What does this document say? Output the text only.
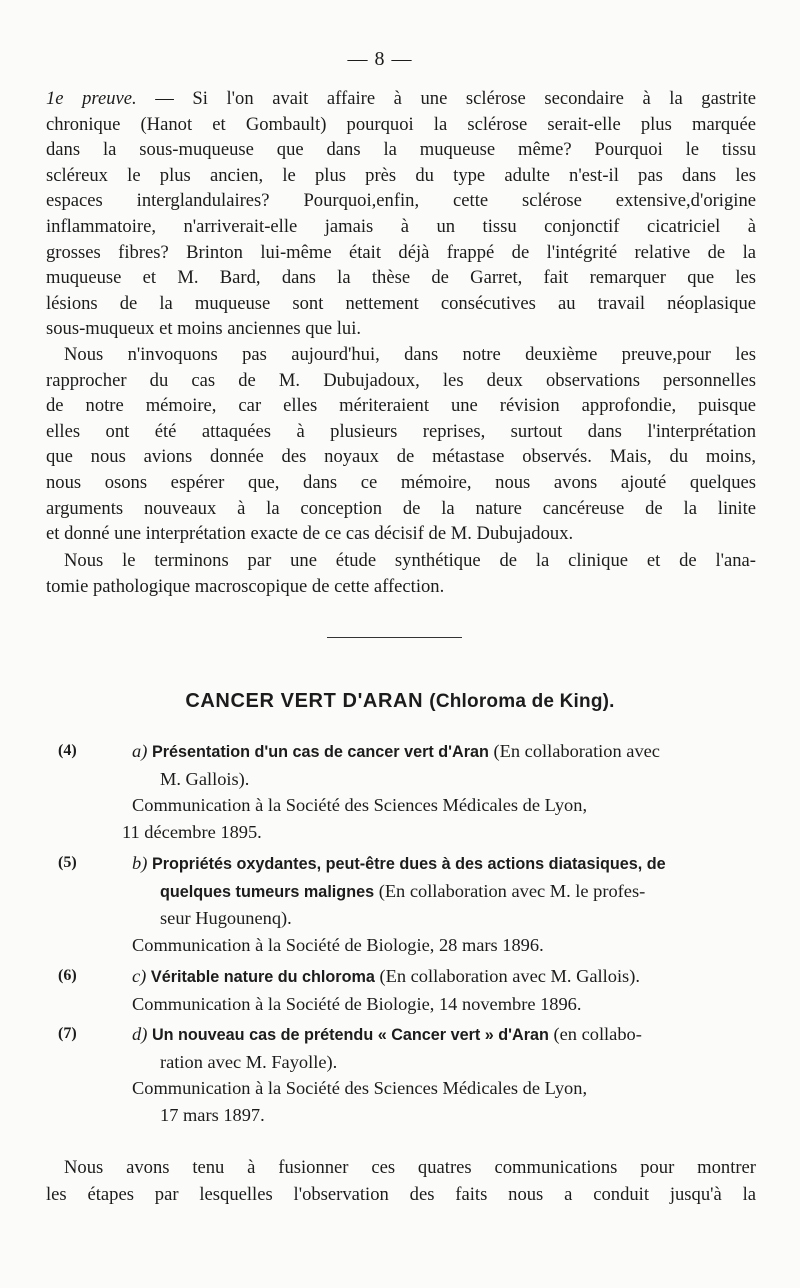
— 8 —
1e preuve. — Si l'on avait affaire à une sclérose secondaire à la gastrite
chronique (Hanot et Gombault) pourquoi la sclérose serait-elle plus marquée
dans la sous-muqueuse que dans la muqueuse même? Pourquoi le tissu
scléreux le plus ancien, le plus près du type adulte n'est-il pas dans les
espaces interglandulaires? Pourquoi,enfin, cette sclérose extensive,d'origine
inflammatoire, n'arriverait-elle jamais à un tissu conjonctif cicatriciel à
grosses fibres? Brinton lui-même était déjà frappé de l'intégrité relative de la
muqueuse et M. Bard, dans la thèse de Garret, fait remarquer que les
lésions de la muqueuse sont nettement consécutives au travail néoplasique
sous-muqueux et moins anciennes que lui.
Nous n'invoquons pas aujourd'hui, dans notre deuxième preuve,pour les
rapprocher du cas de M. Dubujadoux, les deux observations personnelles
de notre mémoire, car elles mériteraient une révision approfondie, puisque
elles ont été attaquées à plusieurs reprises, surtout dans l'interprétation
que nous avions donnée des noyaux de métastase observés. Mais, du moins,
nous osons espérer que, dans ce mémoire, nous avons ajouté quelques
arguments nouveaux à la conception de la nature cancéreuse de la linite
et donné une interprétation exacte de ce cas décisif de M. Dubujadoux.
Nous le terminons par une étude synthétique de la clinique et de l'ana-
tomie pathologique macroscopique de cette affection.
CANCER VERT D'ARAN (Chloroma de King).
(4)	a) Présentation d'un cas de cancer vert d'Aran (En collaboration avec
M. Gallois).
Communication à la Société des Sciences Médicales de Lyon,
11 décembre 1895.
(5)	b) Propriétés oxydantes, peut-être dues à des actions diatasiques, de
quelques tumeurs malignes (En collaboration avec M. le profes-
seur Hugounenq).
Communication à la Société de Biologie, 28 mars 1896.
(6)	c) Véritable nature du chloroma (En collaboration avec M. Gallois).
Communication à la Société de Biologie, 14 novembre 1896.
(7)	d) Un nouveau cas de prétendu « Cancer vert » d'Aran (en collabo-
ration avec M. Fayolle).
Communication à la Société des Sciences Médicales de Lyon,
17 mars 1897.
Nous avons tenu à fusionner ces quatres communications pour montrer
les étapes par lesquelles l'observation des faits nous a conduit jusqu'à la
